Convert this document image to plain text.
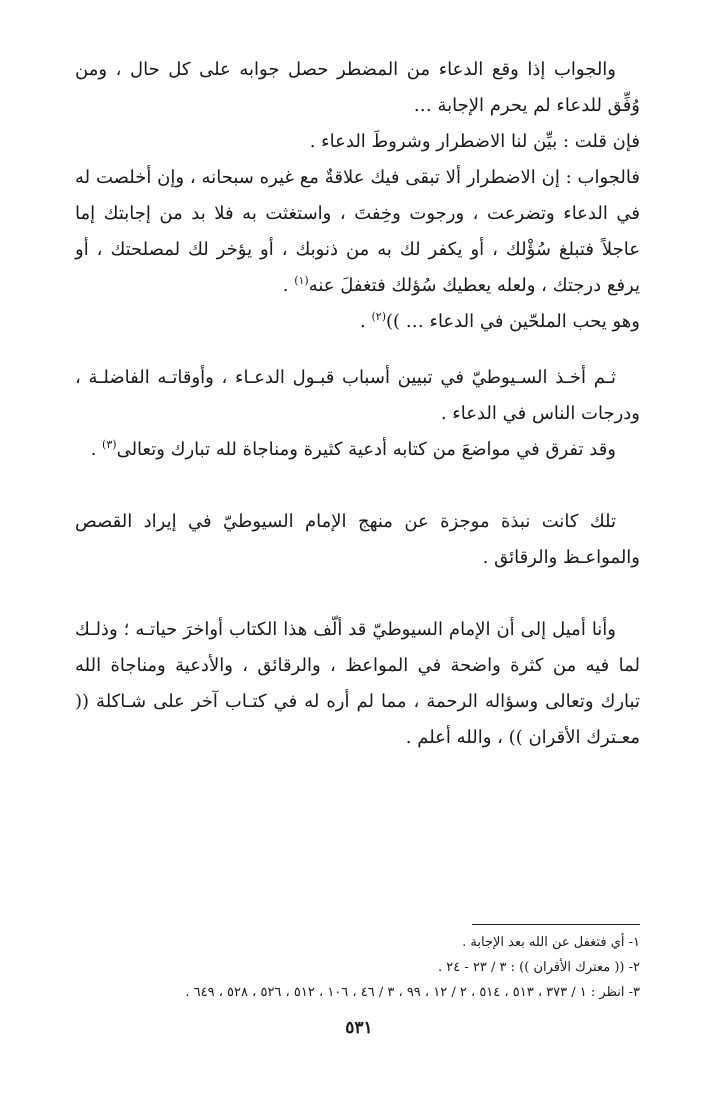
والجواب إذا وقع الدعاء من المضطر حصل جوابه على كل حال ، ومن وُفِّق للدعاء لم يحرم الإجابة …

فإن قلت : بيِّن لنا الاضطرار وشروطَ الدعاء .

فالجواب : إن الاضطرار ألا تبقى فيك علاقةٌ مع غيره سبحانه ، وإن أخلصت له في الدعاء وتضرعت ، ورجوت وخِفتَ ، واستغثت به فلا بد من إجابتك إما عاجلاً فتبلغ سُؤْلك ، أو يكفر لك به من ذنوبك ، أو يؤخر لك لمصلحتك ، أو يرفع درجتك ، ولعله يعطيك سُؤلك فتغفلَ عنه$^{(١)}$ .

وهو يحب الملحّين في الدعاء … ))$^{(٢)}$ .

ثـم أخـذ السـيوطيّ في تبيين أسباب قبـول الدعـاء ، وأوقاتـه الفاضلـة ، ودرجات الناس في الدعاء .

وقد تفرق في مواضعَ من كتابه أدعية كثيرة ومناجاة لله تبارك وتعالى$^{(٣)}$ .

تلك كانت نبذة موجزة عن منهج الإمام السيوطيّ في إيراد القصص والمواعـظ والرقائق .

وأنا أميل إلى أن الإمام السيوطيّ قد ألّف هذا الكتاب أواخرَ حياتـه ؛ وذلـك لما فيه من كثرة واضحة في المواعظ ، والرقائق ، والأدعية ومناجاة الله تبارك وتعالى وسؤاله الرحمة ، مما لم أره له في كتـاب آخر على شـاكلة (( معـترك الأقران )) ، والله أعلم .

١- أي فتغفل عن الله بعد الإجابة .

٢- (( معترك الأقران )) : ٣ / ٢٣ - ٢٤ .

٣- انظر : ١ / ٣٧٣ ، ٥١٣ ، ٥١٤ ، ٢ / ١٢ ، ٩٩ ، ٣ / ٤٦ ، ١٠٦ ، ٥١٢ ، ٥٢٦ ، ٥٢٨ ، ٦٤٩ .

٥٣١
